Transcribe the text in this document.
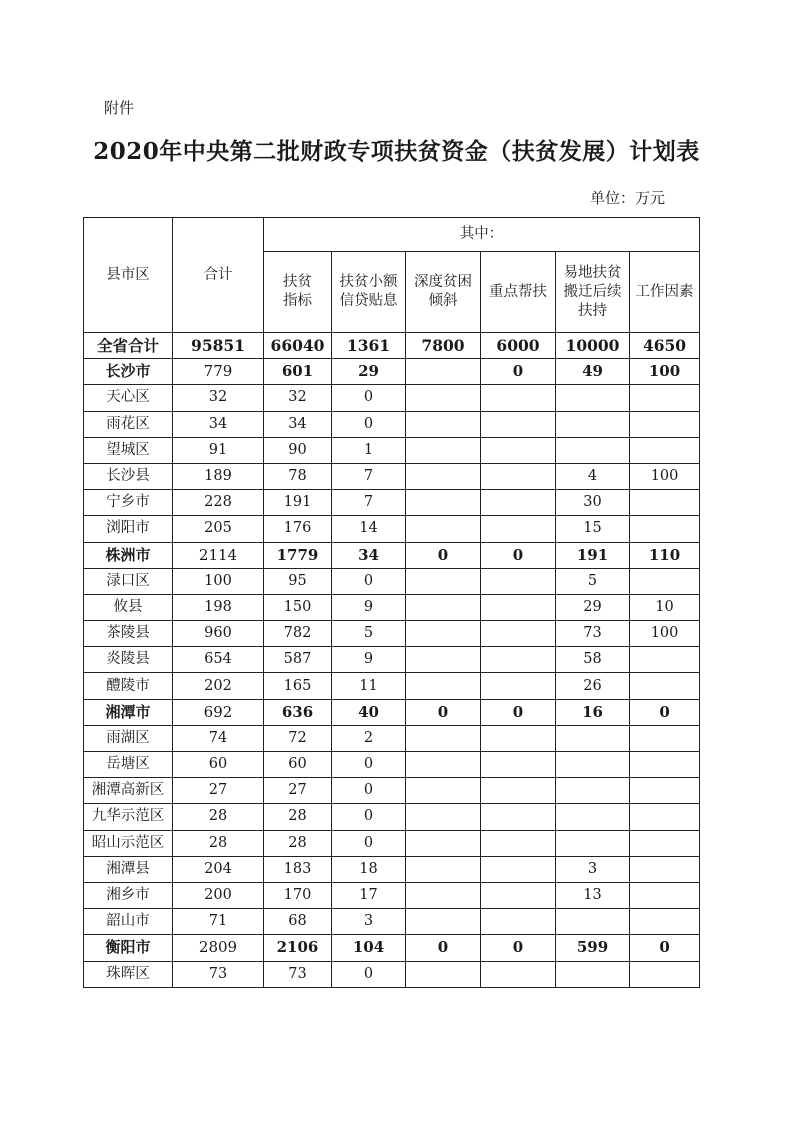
附件
2020年中央第二批财政专项扶贫资金（扶贫发展）计划表
单位：万元
县市区	合计	其中：					
		扶贫指标	扶贫小额信贷贴息	深度贫困倾斜	重点帮扶	易地扶贫搬迁后续扶持	工作因素
全省合计	95851	66040	1361	7800	6000	10000	4650
长沙市	779	601	29		0	49	100
天心区	32	32	0				
雨花区	34	34	0				
望城区	91	90	1				
长沙县	189	78	7			4	100
宁乡市	228	191	7			30	
浏阳市	205	176	14			15	
株洲市	2114	1779	34	0	0	191	110
渌口区	100	95	0			5	
攸县	198	150	9			29	10
茶陵县	960	782	5			73	100
炎陵县	654	587	9			58	
醴陵市	202	165	11			26	
湘潭市	692	636	40	0	0	16	0
雨湖区	74	72	2				
岳塘区	60	60	0				
湘潭高新区	27	27	0				
九华示范区	28	28	0				
昭山示范区	28	28	0				
湘潭县	204	183	18			3	
湘乡市	200	170	17			13	
韶山市	71	68	3				
衡阳市	2809	2106	104	0	0	599	0
珠晖区	73	73	0				
